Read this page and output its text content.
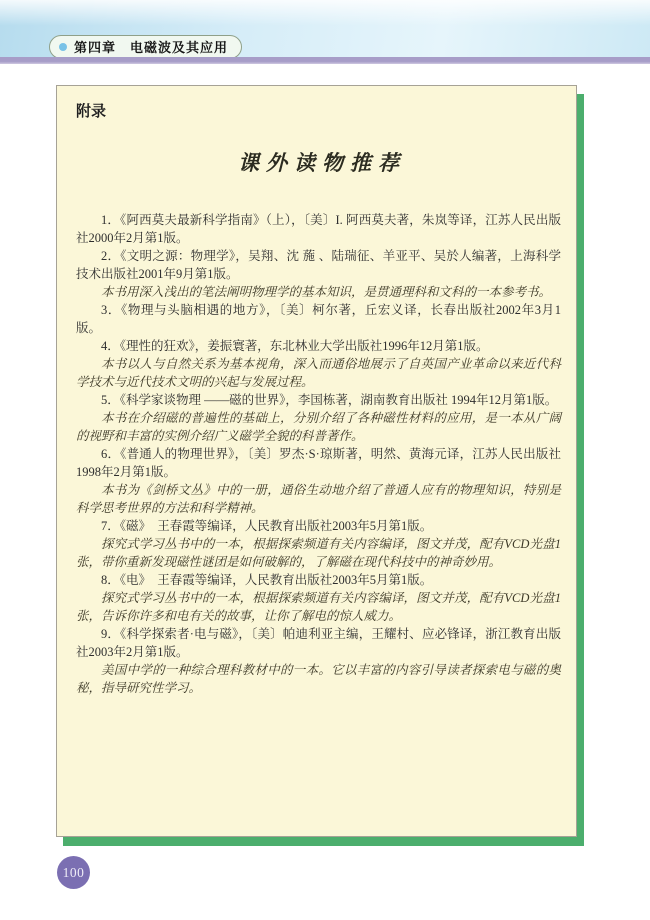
第四章　电磁波及其应用
附录
课外读物推荐

1．《阿西莫夫最新科学指南》（上），〔美〕I. 阿西莫夫著，朱岚等译，江苏人民出版社2000年2月第1版。

2．《文明之源：物理学》，吴翔、沈 葹 、陆瑞征、羊亚平、吴於人编著，上海科学技术出版社2001年9月第1版。

本书用深入浅出的笔法阐明物理学的基本知识，是贯通理科和文科的一本参考书。

3．《物理与头脑相遇的地方》，〔美〕柯尔著，丘宏义译，长春出版社2002年3月1版。

4．《理性的狂欢》，姜振寰著，东北林业大学出版社1996年12月第1版。

本书以人与自然关系为基本视角，深入而通俗地展示了自英国产业革命以来近代科学技术与近代技术文明的兴起与发展过程。

5．《科学家谈物理 ——磁的世界》，李国栋著，湖南教育出版社 1994年12月第1版。

本书在介绍磁的普遍性的基础上，分别介绍了各种磁性材料的应用，是一本从广阔的视野和丰富的实例介绍广义磁学全貌的科普著作。

6．《普通人的物理世界》，〔美〕罗杰·S·琼斯著，明然、黄海元译，江苏人民出版社1998年2月第1版。

本书为《剑桥文丛》中的一册，通俗生动地介绍了普通人应有的物理知识，特别是科学思考世界的方法和科学精神。

7．《磁》　王春霞等编译，人民教育出版社2003年5月第1版。

探究式学习丛书中的一本，根据探索频道有关内容编译，图文并茂，配有VCD光盘1张，带你重新发现磁性谜团是如何破解的，了解磁在现代科技中的神奇妙用。

8．《电》　王春霞等编译，人民教育出版社2003年5月第1版。

探究式学习丛书中的一本，根据探索频道有关内容编译，图文并茂，配有VCD光盘1张，告诉你许多和电有关的故事，让你了解电的惊人威力。

9．《科学探索者·电与磁》，〔美〕帕迪利亚主编，王耀村、应必锋译，浙江教育出版社2003年2月第1版。

美国中学的一种综合理科教材中的一本。它以丰富的内容引导读者探索电与磁的奥秘，指导研究性学习。

100
